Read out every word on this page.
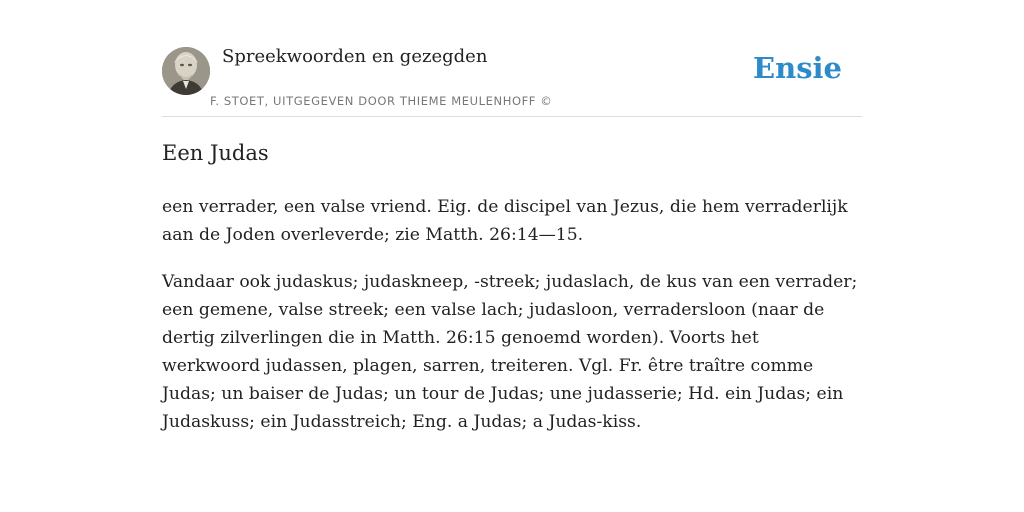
Spreekwoorden en gezegden
F. STOET, UITGEGEVEN DOOR THIEME MEULENHOFF ©
Ensie
Een Judas

een verrader, een valse vriend. Eig. de discipel van Jezus, die hem verraderlijk aan de Joden overleverde; zie Matth. 26:14—15.

Vandaar ook judaskus; judaskneep, -streek; judaslach, de kus van een verrader; een gemene, valse streek; een valse lach; judasloon, verradersloon (naar de dertig zilverlingen die in Matth. 26:15 genoemd worden). Voorts het werkwoord judassen, plagen, sarren, treiteren. Vgl. Fr. être traître comme Judas; un baiser de Judas; un tour de Judas; une judasserie; Hd. ein Judas; ein Judaskuss; ein Judasstreich; Eng. a Judas; a Judas-kiss.
